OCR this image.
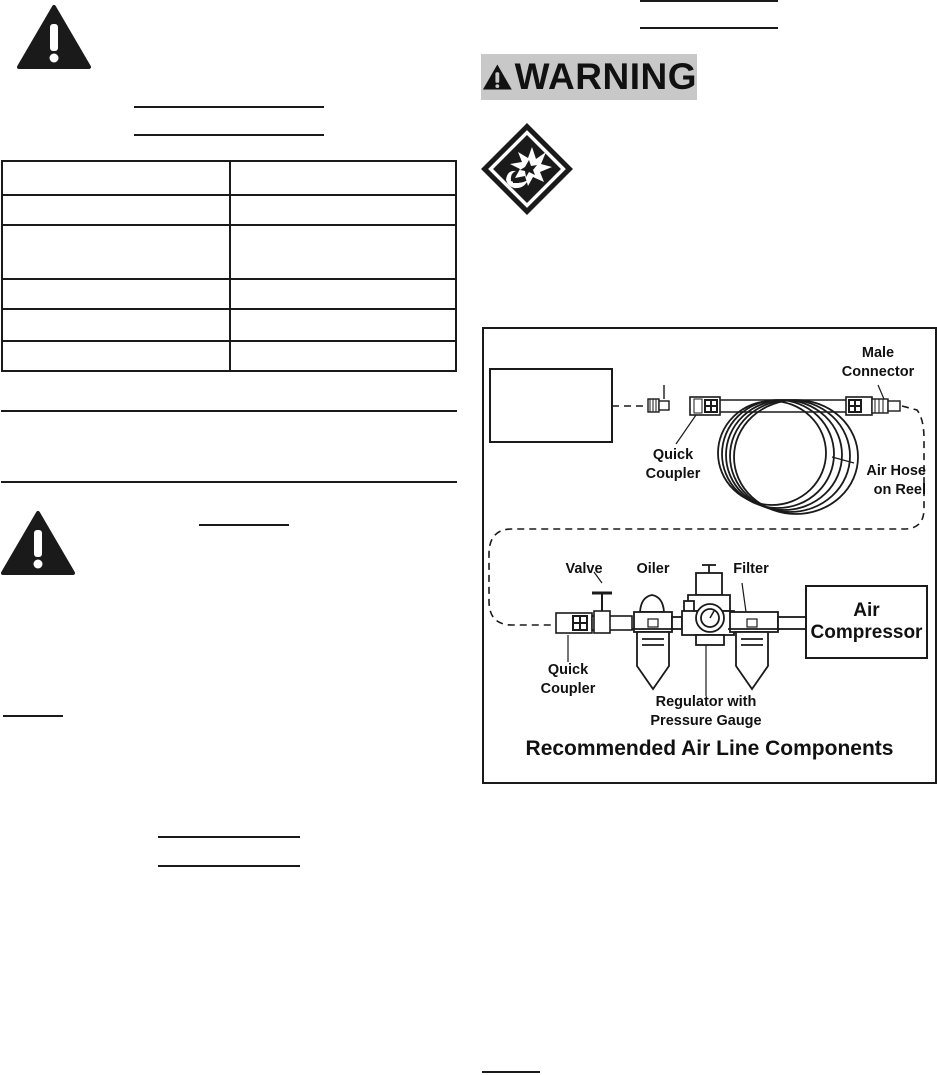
WARNING
Male
Connector
Quick
Coupler	Air Hose
on Reel
Valve	Oiler	Filter
Air
Compressor
Quick
Coupler
Regulator with
Pressure Gauge
Recommended Air Line Components
